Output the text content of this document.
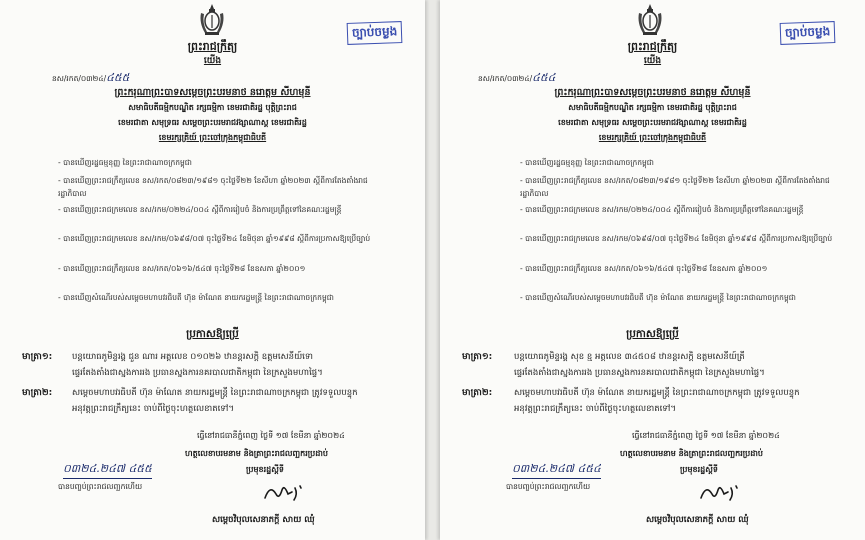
ច្បាប់ចម្លង
ព្រះរាជក្រឹត្យ
យើង
នស/រកត/០៣២៤/៤៥៥
ព្រះករុណាព្រះបាទសម្តេចព្រះបរមនាថ នរោត្តម សីហមុនី
សមាធិបតីធម្មិកបណ្ឌិត រក្សធម្មិកា ខេមរជាតិរដ្ឋ បុត្តិព្រះរាជ
ខេមរជាតា សមុទ្រធរ សម្តេចព្រះបរមរាជវង្សាណាស្ត ខេមរជាតិរដ្ឋ
ខេមរក្សត្រិយ៍ ព្រះចៅក្រុងកម្ពុជាធិបតី
- បានឃើញរដ្ឋធម្មនុញ្ញ នៃព្រះរាជាណាចក្រកម្ពុជា
- បានឃើញព្រះរាជក្រឹត្យលេខ នស/រកត/០៨២៣/១៩៨១ ចុះថ្ងៃទី២២ ខែសីហា ឆ្នាំ២០២៣ ស្តីពីការតែងតាំងរាជរដ្ឋាភិបាល
- បានឃើញព្រះរាជក្រមលេខ នស/រកម/០២២៤/០០៤ ស្តីពីការរៀបចំ និងការប្រព្រឹត្តទៅនៃគណៈរដ្ឋមន្ត្រី
- បានឃើញព្រះរាជក្រមលេខ នស/រកម/០៦៩៨/០៧ ចុះថ្ងៃទី២៤ ខែមិថុនា ឆ្នាំ១៩៩៨ ស្តីពីការប្រកាសឱ្យប្រើច្បាប់
- បានឃើញព្រះរាជក្រឹត្យលេខ នស/រកត/០៦១៦/៥៤៧ ចុះថ្ងៃទី២៨ ខែឧសភា ឆ្នាំ២០០១
- បានឃើញសំណើរបស់សម្តេចមហាបវរធិបតី ហ៊ុន ម៉ាណែត នាយករដ្ឋមន្ត្រី នៃព្រះរាជាណាចក្រកម្ពុជា
ប្រកាសឱ្យប្រើ
មាត្រា១: បន្តយោធភូមិន្ទរង្គ ជួន ណារ អត្តលេខ ០១០២៦ ឋានន្តរសក្តិ ឧត្តមសេនីយ៍ទោ
ផ្ទេរតែងតាំងជាស្នងការរង ប្រធានស្នងការនគរបាលជាតិកម្ពុជា នៃក្រសួងមហាផ្ទៃ។
មាត្រា២: សម្តេចមហាបវរធិបតី ហ៊ុន ម៉ាណែត នាយករដ្ឋមន្ត្រី នៃព្រះរាជាណាចក្រកម្ពុជា ត្រូវទទួលបន្ទុក
អនុវត្តព្រះរាជក្រឹត្យនេះ ចាប់ពីថ្ងៃចុះហត្ថលេខាតទៅ។
ធ្វើនៅរាជធានីភ្នំពេញ ថ្ងៃទី ១៧ ខែមីនា ឆ្នាំ២០២៤
ហត្ថលេខាបរមនាម និងត្រាព្រះរាជលញ្ឆករប្រដាប់
ប្រមុខរដ្ឋស្តីទី
០៣២៤.២៤៧ ៤៥៥
បានបញ្ចប់ព្រះរាជលញ្ឆកហើយ
សម្តេចវិបុលសេនាភក្តី សាយ ឈុំ
ច្បាប់ចម្លង
ព្រះរាជក្រឹត្យ
យើង
នស/រកត/០៣២៤/៤៥៤
ព្រះករុណាព្រះបាទសម្តេចព្រះបរមនាថ នរោត្តម សីហមុនី
សមាធិបតីធម្មិកបណ្ឌិត រក្សធម្មិកា ខេមរជាតិរដ្ឋ បុត្តិព្រះរាជ
ខេមរជាតា សមុទ្រធរ សម្តេចព្រះបរមរាជវង្សាណាស្ត ខេមរជាតិរដ្ឋ
ខេមរក្សត្រិយ៍ ព្រះចៅក្រុងកម្ពុជាធិបតី
- បានឃើញរដ្ឋធម្មនុញ្ញ នៃព្រះរាជាណាចក្រកម្ពុជា
- បានឃើញព្រះរាជក្រឹត្យលេខ នស/រកត/០៨២៣/១៩៨១ ចុះថ្ងៃទី២២ ខែសីហា ឆ្នាំ២០២៣ ស្តីពីការតែងតាំងរាជរដ្ឋាភិបាល
- បានឃើញព្រះរាជក្រមលេខ នស/រកម/០២២៤/០០៤ ស្តីពីការរៀបចំ និងការប្រព្រឹត្តទៅនៃគណៈរដ្ឋមន្ត្រី
- បានឃើញព្រះរាជក្រមលេខ នស/រកម/០៦៩៨/០៧ ចុះថ្ងៃទី២៤ ខែមិថុនា ឆ្នាំ១៩៩៨ ស្តីពីការប្រកាសឱ្យប្រើច្បាប់
- បានឃើញព្រះរាជក្រឹត្យលេខ នស/រកត/០៦១៦/៥៤៧ ចុះថ្ងៃទី២៨ ខែឧសភា ឆ្នាំ២០០១
- បានឃើញសំណើរបស់សម្តេចមហាបវរធិបតី ហ៊ុន ម៉ាណែត នាយករដ្ឋមន្ត្រី នៃព្រះរាជាណាចក្រកម្ពុជា
ប្រកាសឱ្យប្រើ
មាត្រា១:	បន្តយោធភូមិន្ទរង្គ សុខ ខ្ម អត្តលេខ ៣៤៥០៨ ឋានន្តរសក្តិ ឧត្តមសេនីយ៍ត្រី
ផ្ទេរតែងតាំងជាស្នងការរង ប្រធានស្នងការនគរបាលជាតិកម្ពុជា នៃក្រសួងមហាផ្ទៃ។
មាត្រា២:	សម្តេចមហាបវរធិបតី ហ៊ុន ម៉ាណែត នាយករដ្ឋមន្ត្រី នៃព្រះរាជាណាចក្រកម្ពុជា ត្រូវទទួលបន្ទុក
អនុវត្តព្រះរាជក្រឹត្យនេះ ចាប់ពីថ្ងៃចុះហត្ថលេខាតទៅ។
ធ្វើនៅរាជធានីភ្នំពេញ ថ្ងៃទី ១៧ ខែមីនា ឆ្នាំ២០២៤
ហត្ថលេខាបរមនាម និងត្រាព្រះរាជលញ្ឆករប្រដាប់
ប្រមុខរដ្ឋស្តីទី
០៣២៤.២៤៧ ៤៥៤
បានបញ្ចប់ព្រះរាជលញ្ឆកហើយ
សម្តេចវិបុលសេនាភក្តី សាយ ឈុំ
